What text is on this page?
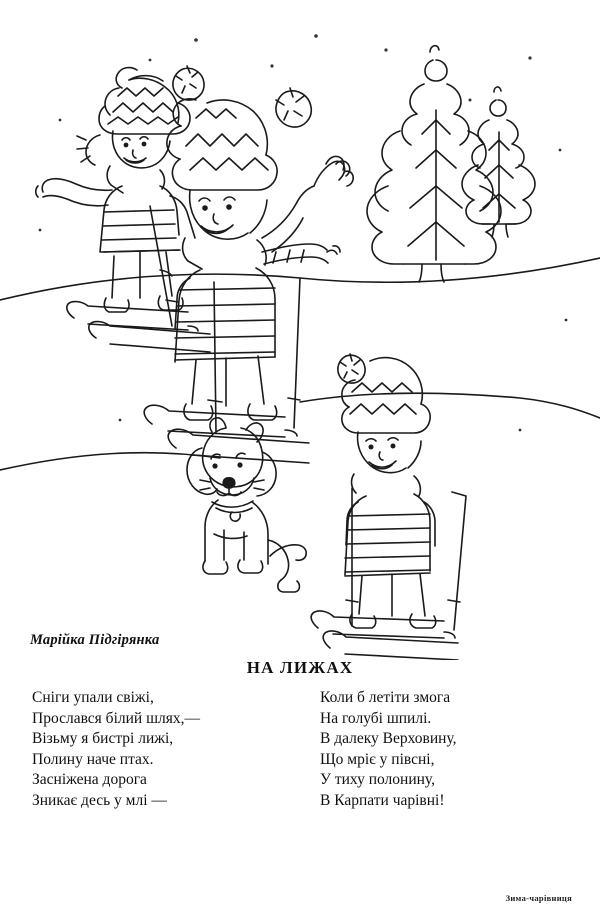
Марійка Підгірянка
НА ЛИЖАХ
Сніги упали свіжі,
Прослався білий шлях,—
Візьму я бистрі лижі,
Полину наче птах.
Засніжена дорога
Зникає десь у млі —
Коли б летіти змога
На голубі шпилі.
В далеку Верховину,
Що мріє у півсні,
У тиху полонину,
В Карпати чарівні!
Зима-чарівниця
